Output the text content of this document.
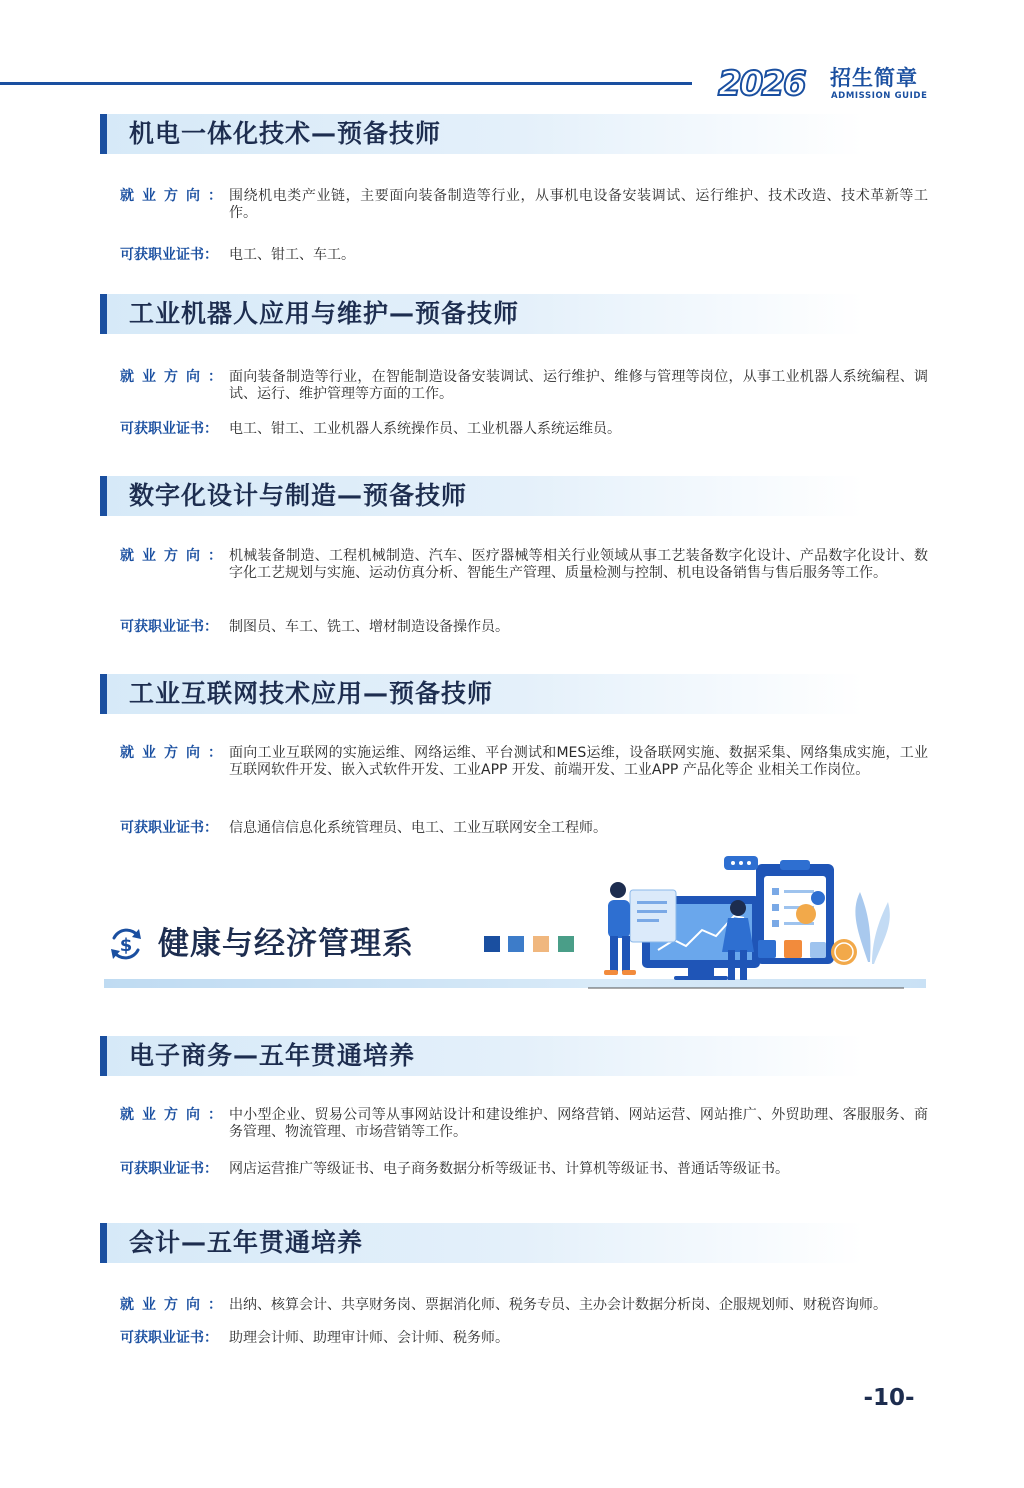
2026 招生简章
ADMISSION GUIDE
机电一体化技术—预备技师
就业方向： 围绕机电类产业链，主要面向装备制造等行业，从事机电设备安装调试、运行维护、技术改造、技术革新等工作。
可获职业证书： 电工、钳工、车工。
工业机器人应用与维护—预备技师
就业方向： 面向装备制造等行业，在智能制造设备安装调试、运行维护、维修与管理等岗位，从事工业机器人系统编程、调试、运行、维护管理等方面的工作。
可获职业证书： 电工、钳工、工业机器人系统操作员、工业机器人系统运维员。
数字化设计与制造—预备技师
就业方向： 机械装备制造、工程机械制造、汽车、医疗器械等相关行业领域从事工艺装备数字化设计、产品数字化设计、数字化工艺规划与实施、运动仿真分析、智能生产管理、质量检测与控制、机电设备销售与售后服务等工作。
可获职业证书： 制图员、车工、铣工、增材制造设备操作员。
工业互联网技术应用—预备技师
就业方向： 面向工业互联网的实施运维、网络运维、平台测试和MES运维，设备联网实施、数据采集、网络集成实施，工业互联网软件开发、嵌入式软件开发、工业APP 开发、前端开发、工业APP 产品化等企 业相关工作岗位。
可获职业证书： 信息通信信息化系统管理员、电工、工业互联网安全工程师。
$ 健康与经济管理系
电子商务—五年贯通培养
就业方向： 中小型企业、贸易公司等从事网站设计和建设维护、网络营销、网站运营、网站推广、外贸助理、客服服务、商务管理、物流管理、市场营销等工作。
可获职业证书： 网店运营推广等级证书、电子商务数据分析等级证书、计算机等级证书、普通话等级证书。
会计—五年贯通培养
就业方向： 出纳、核算会计、共享财务岗、票据消化师、税务专员、主办会计数据分析岗、企服规划师、财税咨询师。
可获职业证书： 助理会计师、助理审计师、会计师、税务师。
-10-
